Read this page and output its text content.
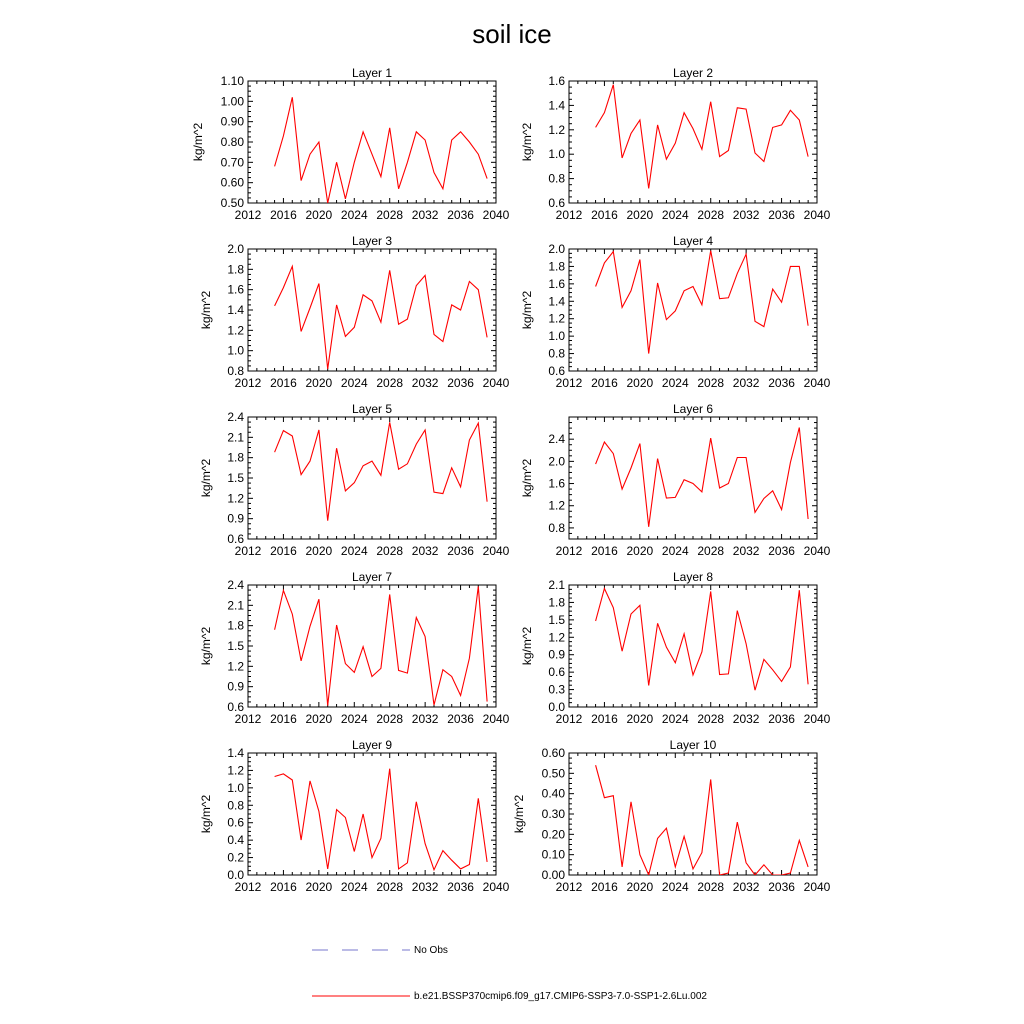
soil ice
Layer 1
2012 2016 2020 2024 2028 2032 2036 2040
0.50
0.60
0.70
0.80
0.90
1.00
1.10
kg/m^2
Layer 2
2012 2016 2020 2024 2028 2032 2036 2040
0.6
0.8
1.0
1.2
1.4
1.6
kg/m^2
Layer 3
2012 2016 2020 2024 2028 2032 2036 2040
0.8
1.0
1.2
1.4
1.6
1.8
2.0
kg/m^2
Layer 4
2012 2016 2020 2024 2028 2032 2036 2040
0.6
0.8
1.0
1.2
1.4
1.6
1.8
2.0
kg/m^2
Layer 5
2012 2016 2020 2024 2028 2032 2036 2040
0.6
0.9
1.2
1.5
1.8
2.1
2.4
kg/m^2
Layer 6
2012 2016 2020 2024 2028 2032 2036 2040
0.8
1.2
1.6
2.0
2.4
kg/m^2
Layer 7
2012 2016 2020 2024 2028 2032 2036 2040
0.6
0.9
1.2
1.5
1.8
2.1
2.4
kg/m^2
Layer 8
2012 2016 2020 2024 2028 2032 2036 2040
0.0
0.3
0.6
0.9
1.2
1.5
1.8
2.1
kg/m^2
Layer 9
2012 2016 2020 2024 2028 2032 2036 2040
0.0
0.2
0.4
0.6
0.8
1.0
1.2
1.4
kg/m^2
Layer 10
2012 2016 2020 2024 2028 2032 2036 2040
0.00
0.10
0.20
0.30
0.40
0.50
0.60
kg/m^2
No Obs
b.e21.BSSP370cmip6.f09_g17.CMIP6-SSP3-7.0-SSP1-2.6Lu.002
